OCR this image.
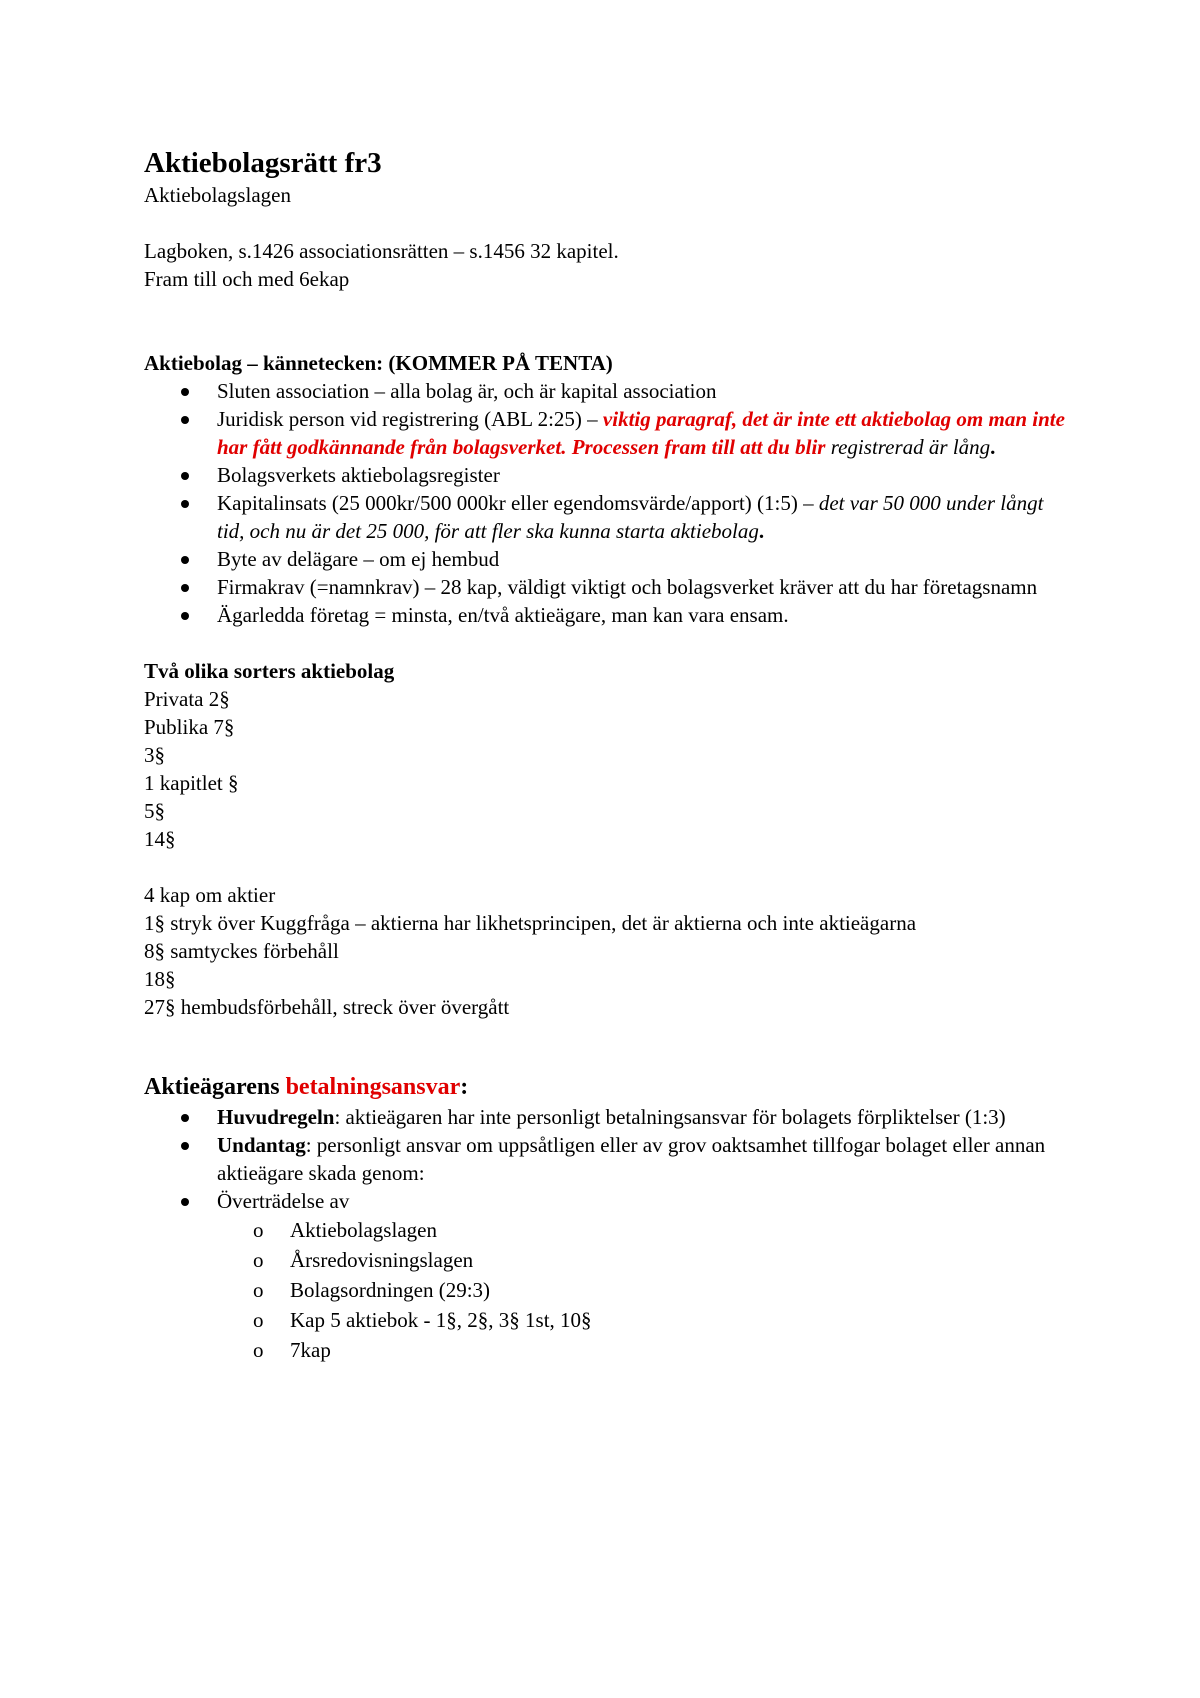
Aktiebolagsrätt fr3

Aktiebolagslagen

Lagboken, s.1426 associationsrätten – s.1456 32 kapitel.

Fram till och med 6ekap

Aktiebolag – kännetecken: (KOMMER PÅ TENTA)

Sluten association – alla bolag är, och är kapital association
Juridisk person vid registrering (ABL 2:25) – viktig paragraf, det är inte ett aktiebolag om man inte har fått godkännande från bolagsverket. Processen fram till att du blir registrerad är lång.
Bolagsverkets aktiebolagsregister
Kapitalinsats (25 000kr/500 000kr eller egendomsvärde/apport) (1:5) – det var 50 000 under långt tid, och nu är det 25 000, för att fler ska kunna starta aktiebolag.
Byte av delägare – om ej hembud
Firmakrav (=namnkrav) – 28 kap, väldigt viktigt och bolagsverket kräver att du har företagsnamn
Ägarledda företag = minsta, en/två aktieägare, man kan vara ensam.

Två olika sorters aktiebolag

Privata 2§

Publika 7§

3§

1 kapitlet §

5§

14§

4 kap om aktier

1§ stryk över Kuggfråga – aktierna har likhetsprincipen, det är aktierna och inte aktieägarna

8§ samtyckes förbehåll

18§

27§ hembudsförbehåll, streck över övergått

Aktieägarens betalningsansvar:
Huvudregeln: aktieägaren har inte personligt betalningsansvar för bolagets förpliktelser (1:3)
Undantag: personligt ansvar om uppsåtligen eller av grov oaktsamhet tillfogar bolaget eller annan aktieägare skada genom:
Överträdelse av
o Aktiebolagslagen
o Årsredovisningslagen
o Bolagsordningen (29:3)
o Kap 5 aktiebok - 1§, 2§, 3§ 1st, 10§
o 7kap
